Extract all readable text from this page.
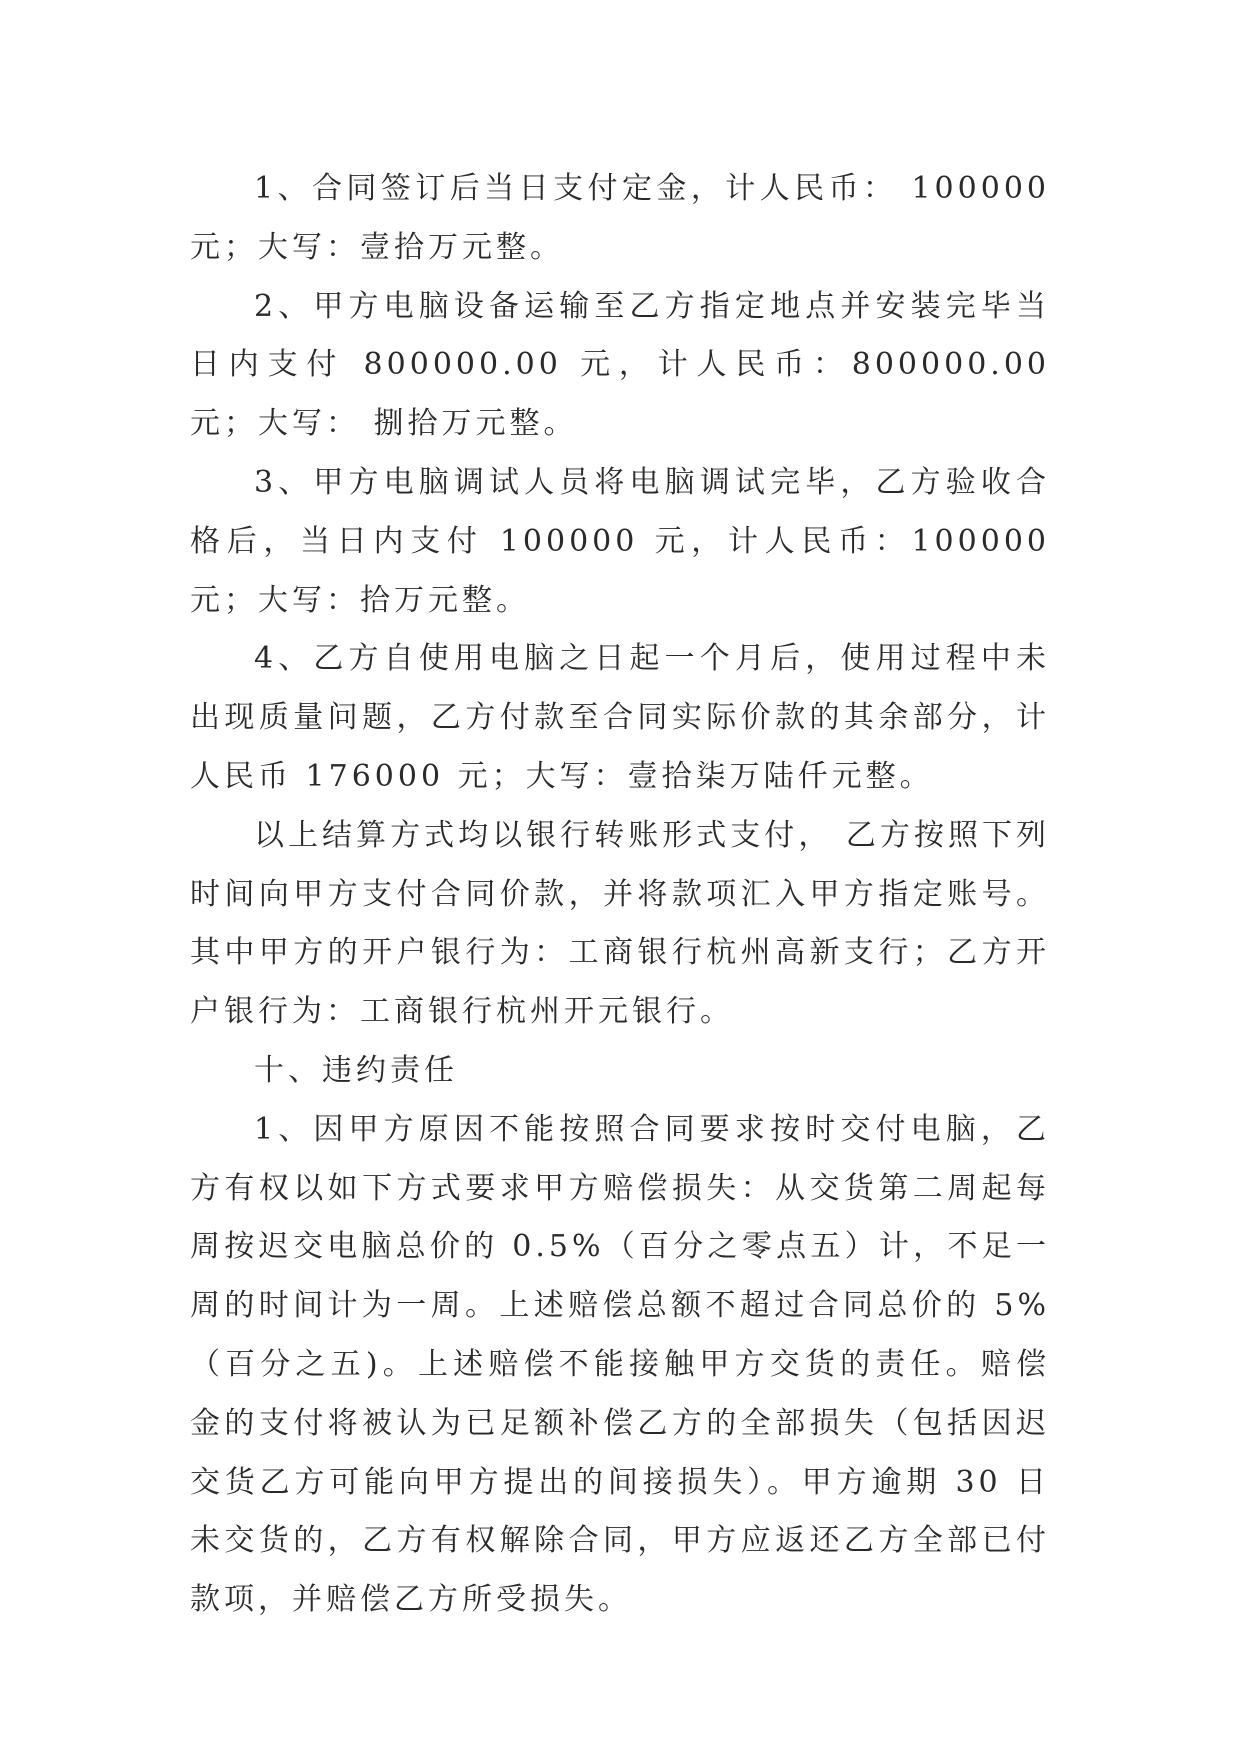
1、合同签订后当日支付定金，计人民币： 100000 元；大写：壹拾万元整。

2、甲方电脑设备运输至乙方指定地点并安装完毕当日内支付 800000.00 元，计人民币：800000.00 元；大写： 捌拾万元整。

3、甲方电脑调试人员将电脑调试完毕，乙方验收合格后，当日内支付 100000 元，计人民币：100000 元；大写：拾万元整。

4、乙方自使用电脑之日起一个月后，使用过程中未出现质量问题，乙方付款至合同实际价款的其余部分，计人民币 176000 元；大写：壹拾柒万陆仟元整。

以上结算方式均以银行转账形式支付， 乙方按照下列时间向甲方支付合同价款，并将款项汇入甲方指定账号。其中甲方的开户银行为：工商银行杭州高新支行；乙方开户银行为：工商银行杭州开元银行。

十、违约责任

1、因甲方原因不能按照合同要求按时交付电脑，乙方有权以如下方式要求甲方赔偿损失：从交货第二周起每周按迟交电脑总价的 0.5%（百分之零点五）计，不足一周的时间计为一周。上述赔偿总额不超过合同总价的 5%（百分之五)。上述赔偿不能接触甲方交货的责任。赔偿金的支付将被认为已足额补偿乙方的全部损失（包括因迟交货乙方可能向甲方提出的间接损失）。甲方逾期 30 日未交货的，乙方有权解除合同，甲方应返还乙方全部已付款项，并赔偿乙方所受损失。
